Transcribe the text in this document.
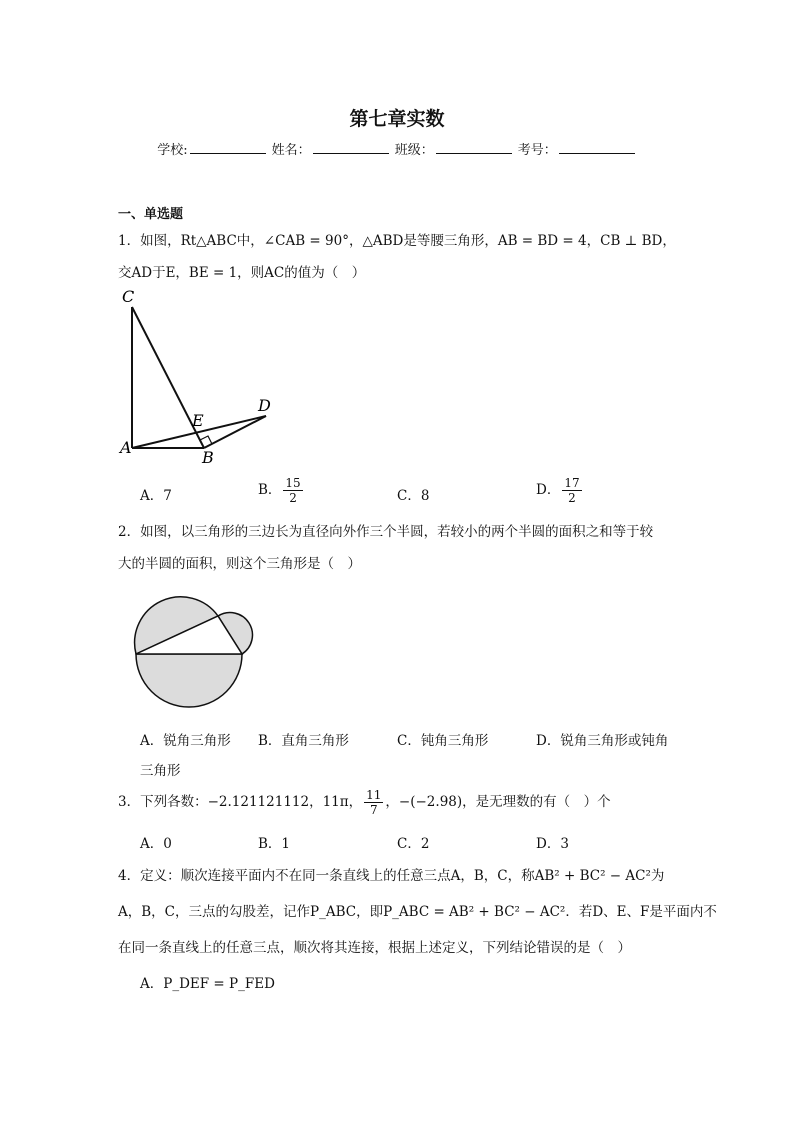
第七章实数
学校:	姓名：	班级：	考号：
一、单选题
1．如图，Rt△ABC中，∠CAB = 90°，△ABD是等腰三角形，AB = BD = 4，CB ⊥ BD，
交AD于E，BE = 1，则AC的值为（　）
C
A
B
D
E
A．7	B． $\frac{15}{2}$	C．8	D． $\frac{17}{2}$
2．如图，以三角形的三边长为直径向外作三个半圆，若较小的两个半圆的面积之和等于较
大的半圆的面积，则这个三角形是（　）
A．锐角三角形 B．直角三角形	C．钝角三角形	D．锐角三角形或钝角
三角形
3．下列各数：−2.121121112，11π， $\frac{11}{7}$ ，−(−2.98)，是无理数的有（　）个
A．0	B．1	C．2	D．3
4．定义：顺次连接平面内不在同一条直线上的任意三点A，B，C，称AB² + BC² − AC²为
A，B，C，三点的勾股差，记作P_ABC，即P_ABC = AB² + BC² − AC²．若D、E、F是平面内不
在同一条直线上的任意三点，顺次将其连接，根据上述定义，下列结论错误的是（　）
A．P_DEF = P_FED
